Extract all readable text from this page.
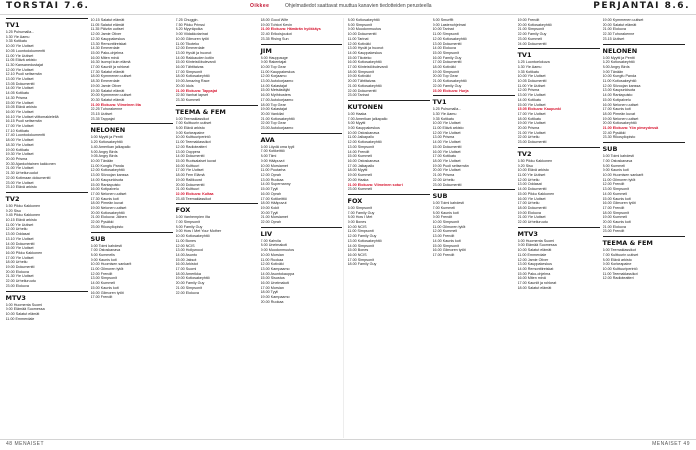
TORSTAI 7.6.	Oikkee	Ohjelmatiedot saattavat muuttua kanavien tiedotteiden perusteella	PERJANTAI 8.6.
TV1
6.25 Puhumalla...
6.30 Yle Aamu
9.35 Kotikatu
10.00 Yle Uutiset
10.05 Luontodokumentti
11.00 Yle Uutiset
11.05 Elävä arkisto
11.30 Kansanedustajat
12.00 Yle Uutiset
12.10 Puoli seitsemän
13.00 Yle Uutiset
13.05 Dokumentti
14.00 Yle Uutiset
14.05 Kotikatu
14.30 Prisma
15.00 Yle Uutiset
15.05 Elävä arkisto
16.00 Yle Uutiset
16.10 Yle Uutiset viittomakielellä
16.15 Puoli seitsemän
17.00 Yle Uutiset
17.10 Kotikatu
17.40 Luontodokumentti
18.00 Yle Uutiset
18.30 Yle Uutiset
19.00 Kotikatu
19.30 Yle Uutiset
20.00 Prisma
20.30 Ajankohtainen kakkonen
21.00 Yle Uutiset
21.30 Urheiluruudut
22.00 Kotimaan dokumentti
23.00 Yle Uutiset
23.10 Elävä arkisto
TV2
6.50 Pikku Kakkonen
9.20 Sisu
9.45 Pikku Kakkonen
10.15 Elävä arkisto
11.00 Yle Uutiset
12.00 Urheilu
13.00 Oddasat
13.10 Yle Uutiset
14.00 Dokumentti
15.00 Yle Uutiset
16.00 Pikku Kakkonen
17.00 Yle Uutiset
18.00 Urheilu
19.00 Dokumentti
20.00 Elokuva
21.30 Yle Uutiset
22.00 Urheiluruutu
23.00 Elokuva
MTV3
6.00 Huomenta Suomi
9.00 Elämää Suomessa
10.00 Salatut elämät
11.00 Emmerdale
10.15 Salatut elämät
11.05 Salatut elämät
11.35 Päivän uutiset
12.00 Jamie Oliver
12.30 Kauppakeskus
13.30 Remonttireiskat
14.30 Emmerdale
15.00 Pako-ohjelma
16.00 Miten minä
16.30 Isompi kuin elämä
17.00 Kauniit ja rohkeat
17.30 Salatut elämät
18.00 Kymmenen uutiset
18.30 Emmerdale
19.00 Jamie Oliver
19.30 Salatut elämät
20.00 Kymmenen uutiset
20.30 Salatut elämät
21.00 Elokuva: Viimeinen ilta
22.25 Tuhorakenne
23.15 Uutiset
23.35 Tappajat
NELONEN
6.00 Myytti ja Pentti
6.20 Kotiosakeyhtiö
6.40 Amerikan jalkapallo
8.00 Angry Birds
9.05 Angry Birds
10.00 Tänään
11.00 Kungfu Panda
12.00 Kotiosakeyhtiö
13.00 Siivoojan kanssa
14.00 Kaupunkisota
15.00 Rantapuisto
16.00 Kotipalvelu
17.00 Nelonen uutiset
17.30 Kaunis koti
18.00 Pimeän kuvat
19.00 Nelonen uutiset
20.00 Kotiosakeyhtiö
21.00 Elokuva: Jäinen
22.00 Pysäkki
23.00 Rikosyliopisto
SUB
6.00 Toimi kahdesti
7.00 Ostoskanava
8.00 Kummelis
9.00 Kaunis koti
10.00 Huomisen sankarit
11.00 Gilmoren tytöt
12.00 Frendit
13.00 Simpsonit
14.00 Kummeli
15.00 Kaunis koti
16.00 Gilmoren tytöt
17.00 Frendit
7.25 Chuggin.
7.50 Pikku Prinssi
8.20 Myyräpoika
9.00 Viidakkotarinat
10.00 Gilmoren tytöt
11.00 Tikoteko
12.00 Emmerdale
13.00 Hyvät ja huonot
14.00 Rakkauden kotiin
15.00 Kiinteistöbulevardi
16.00 Tähtitaivas
17.00 Simpsonit
18.00 Kotiosakeyhtiö
19.00 Amazing Race
20.00 Idols
21.00 Elokuva: Tappajat
22.50 Vanhat lapset
23.30 Kummeli
TEEMA & FEM
6.00 Teemaklassikot
7.00 Kulttuurin uutiset
8.00 Elävä arkisto
9.00 Korkeapaine
10.00 Kulttuuriperintö
11.00 Teemaklassikot
12.00 Radioteatteri
13.00 Ooppera
14.00 Dokumentti
15.00 Ruotsalaiset kuvat
16.00 Kulttuuri
17.00 Yle Uutiset
18.00 Fem Elämä
19.00 Rallikuvat
20.00 Dokumentti
21.00 Kulttuuri
22.00 Elokuva: Kultaa
23.45 Teemaklassikot
FOX
6.00 Vanhempien ilta
7.00 Simpsonit
8.00 Family Guy
9.00 How I Met Your Mother
10.00 Kotiosakeyhtiö
11.00 Bones
12.00 NCIS
13.00 Hollywood
14.00 Asunto
15.00 Jaksot
16.00 Arkistot
17.00 Suomi
18.00 Amerikka
19.00 Kotiosakeyhtiö
20.00 Family Guy
21.00 Simpsonit
22.00 Elokuva
18.00 Good Wife
19.00 Tohtori Kevin
21.00 Elokuva: Hämärän hyökkäys
22.40 Erikoisjoukot
23.35 Rising Sun
JIM
8.00 Hauppauge
9.00 Rakentajat
10.00 Top Gear
11.00 Kauppakeskus
12.00 Korjaamo
13.00 Autokorjaamo
14.00 Kalastajat
15.00 Metsästäjät
16.00 Mythbusters
17.00 Autokorjaamo
18.00 Top Gear
19.00 Kalastajat
20.00 Vankilat
21.00 Kotiosakeyhtiö
22.00 Top Gear
23.00 Autokorjaamo
AVA
6.00 Löydä oma tyyli
7.00 Kotikeittiö
8.00 Tiimi
9.00 Hääpuvut
10.00 Morsiamet
11.00 Puutarha
12.00 Oprah
13.00 Ruokaa
14.00 Supernanny
15.00 Tyyli
16.00 Oprah
17.00 Kotikeittiö
18.00 Hääpuvut
19.00 Kokit
20.00 Tyyli
21.00 Morsiamet
22.00 Oprah
LIV
7.00 Kahvila
8.00 Unelmakoti
9.00 Muodonmuutos
10.00 Morsian
11.00 Ruokaa
12.00 Kotiväki
13.00 Kampaamo
14.00 Asuntokauppa
15.00 Sisustus
16.00 Unelmakoti
17.00 Morsian
18.00 Tyyli
19.00 Kampaamo
20.00 Ruokaa
8.00 Kotiosakeyhtiö
8.00 Simpsonit
9.00 Muodonmuutos
10.00 Dokumentti
11.00 Tarinat
12.00 Kotiväki
13.00 Hyvät ja huonot
14.00 Kauppakeskus
15.00 Tikoteko
16.00 Kotiosakeyhtiö
17.00 Kiinteistöbulevardi
18.00 Simpsonit
19.00 Kotiväki
20.00 Tähtitaivas
21.00 Kotiosakeyhtiö
22.00 Dokumentti
23.00 Tarinat
KUTONEN
6.00 Haaka
7.00 Amerikan jalkapallo
8.00 Myytti
9.00 Kauppakeskus
10.00 Ostoskanava
11.00 Jalkapallo
12.00 Kotiosakeyhtiö
13.00 Simpsonit
14.00 Frendit
15.00 Kummeli
16.00 Ostoskanava
17.00 Jalkapallo
18.00 Myytti
19.00 Kummeli
20.00 Haaka
21.00 Elokuva: Viimeinen soturi
23.00 Kummeli
FOX
6.00 Simpsonit
7.00 Family Guy
8.00 How I Met
9.00 Bones
10.00 NCIS
11.00 Simpsonit
12.00 Family Guy
13.00 Kotiosakeyhtiö
14.00 Simpsonit
15.00 Bones
16.00 NCIS
17.00 Simpsonit
18.00 Family Guy
8.00 Smurffit
9.00 Lastenohjelmat
10.00 Tarinat
11.00 Simpsonit
12.00 Kotiosakeyhtiö
13.00 Dokumentti
14.00 Elokuva
15.00 Simpsonit
16.00 Family Guy
17.00 Dokumentti
18.00 Kotiväki
19.00 Simpsonit
20.00 Top Gear
21.00 Kotiosakeyhtiö
22.00 Family Guy
23.00 Elokuva: Hurja
TV1
6.25 Puhumalla...
6.30 Yle Aamu
9.35 Kotikatu
10.00 Yle Uutiset
11.00 Elävä arkisto
12.00 Yle Uutiset
13.00 Prisma
14.00 Yle Uutiset
15.00 Dokumentti
16.00 Yle Uutiset
17.00 Kotikatu
18.00 Yle Uutiset
19.00 Puoli seitsemän
20.00 Yle Uutiset
21.00 Prisma
22.00 Urheilu
23.00 Dokumentti
SUB
6.00 Toimi kahdesti
7.00 Kummeli
8.00 Kaunis koti
9.00 Frendit
10.00 Simpsonit
11.00 Gilmoren tytöt
12.00 Kummeli
13.00 Frendit
14.00 Kaunis koti
15.00 Simpsonit
16.00 Gilmoren tytöt
17.00 Frendit
19.00 Frendit
20.00 Kotiosakeyhtiö
21.00 Simpsonit
22.00 Family Guy
23.00 Kummeli
24.00 Dokumentti
TV1
6.25 Luontoelokuva
6.30 Yle Aamu
9.35 Kotikatu
10.00 Yle Uutiset
10.05 Dokumentti
11.00 Yle Uutiset
12.00 Prisma
13.00 Yle Uutiset
14.00 Kotikatu
15.00 Yle Uutiset
15.05 Elokuva: Kaupunki
17.00 Yle Uutiset
18.00 Kotikatu
19.00 Yle Uutiset
20.00 Prisma
21.00 Yle Uutiset
22.00 Urheilu
23.00 Dokumentti
TV2
6.50 Pikku Kakkonen
9.20 Sisu
10.00 Elävä arkisto
11.00 Yle Uutiset
12.00 Urheilu
13.00 Oddasat
14.00 Dokumentti
15.00 Pikku Kakkonen
16.00 Yle Uutiset
17.00 Urheilu
18.00 Dokumentti
19.00 Elokuva
21.00 Yle Uutiset
22.00 Urheiluruutu
MTV3
6.00 Huomenta Suomi
9.00 Elämää Suomessa
10.00 Salatut elämät
11.00 Emmerdale
12.00 Jamie Oliver
13.00 Kauppakeskus
14.00 Remonttireiskat
15.00 Pako-ohjelma
16.00 Miten minä
17.00 Kauniit ja rohkeat
18.00 Salatut elämät
19.00 Kymmenen uutiset
20.00 Salatut elämät
21.00 Elokuva
22.30 Tuhorakenne
23.15 Uutiset
NELONEN
6.00 Myytti ja Pentti
6.20 Kotiosakeyhtiö
8.00 Angry Birds
9.00 Tänään
10.00 Kungfu Panda
11.00 Kotiosakeyhtiö
12.00 Siivoojan kanssa
13.00 Kaupunkisota
14.00 Rantapuisto
15.00 Kotipalvelu
16.00 Nelonen uutiset
17.00 Kaunis koti
18.00 Pimeän kuvat
19.00 Nelonen uutiset
20.00 Kotiosakeyhtiö
21.00 Elokuva: Yön pimeydessä
22.40 Pysäkki
23.30 Rikosyliopisto
SUB
6.00 Toimi kahdesti
7.00 Ostoskanava
8.00 Kummeli
9.00 Kaunis koti
10.00 Huomisen sankarit
11.00 Gilmoren tytöt
12.00 Frendit
13.00 Simpsonit
14.00 Kummeli
15.00 Kaunis koti
16.00 Gilmoren tytöt
17.00 Frendit
18.00 Simpsonit
19.00 Kummeli
20.00 Kaunis koti
21.00 Elokuva
23.00 Frendit
TEEMA & FEM
6.00 Teemaklassikot
7.00 Kulttuurin uutiset
8.00 Elävä arkisto
9.00 Korkeapaine
10.00 Kulttuuriperintö
11.00 Teemaklassikot
12.00 Radioteatteri
48 MENAISET	MENAISET 49
